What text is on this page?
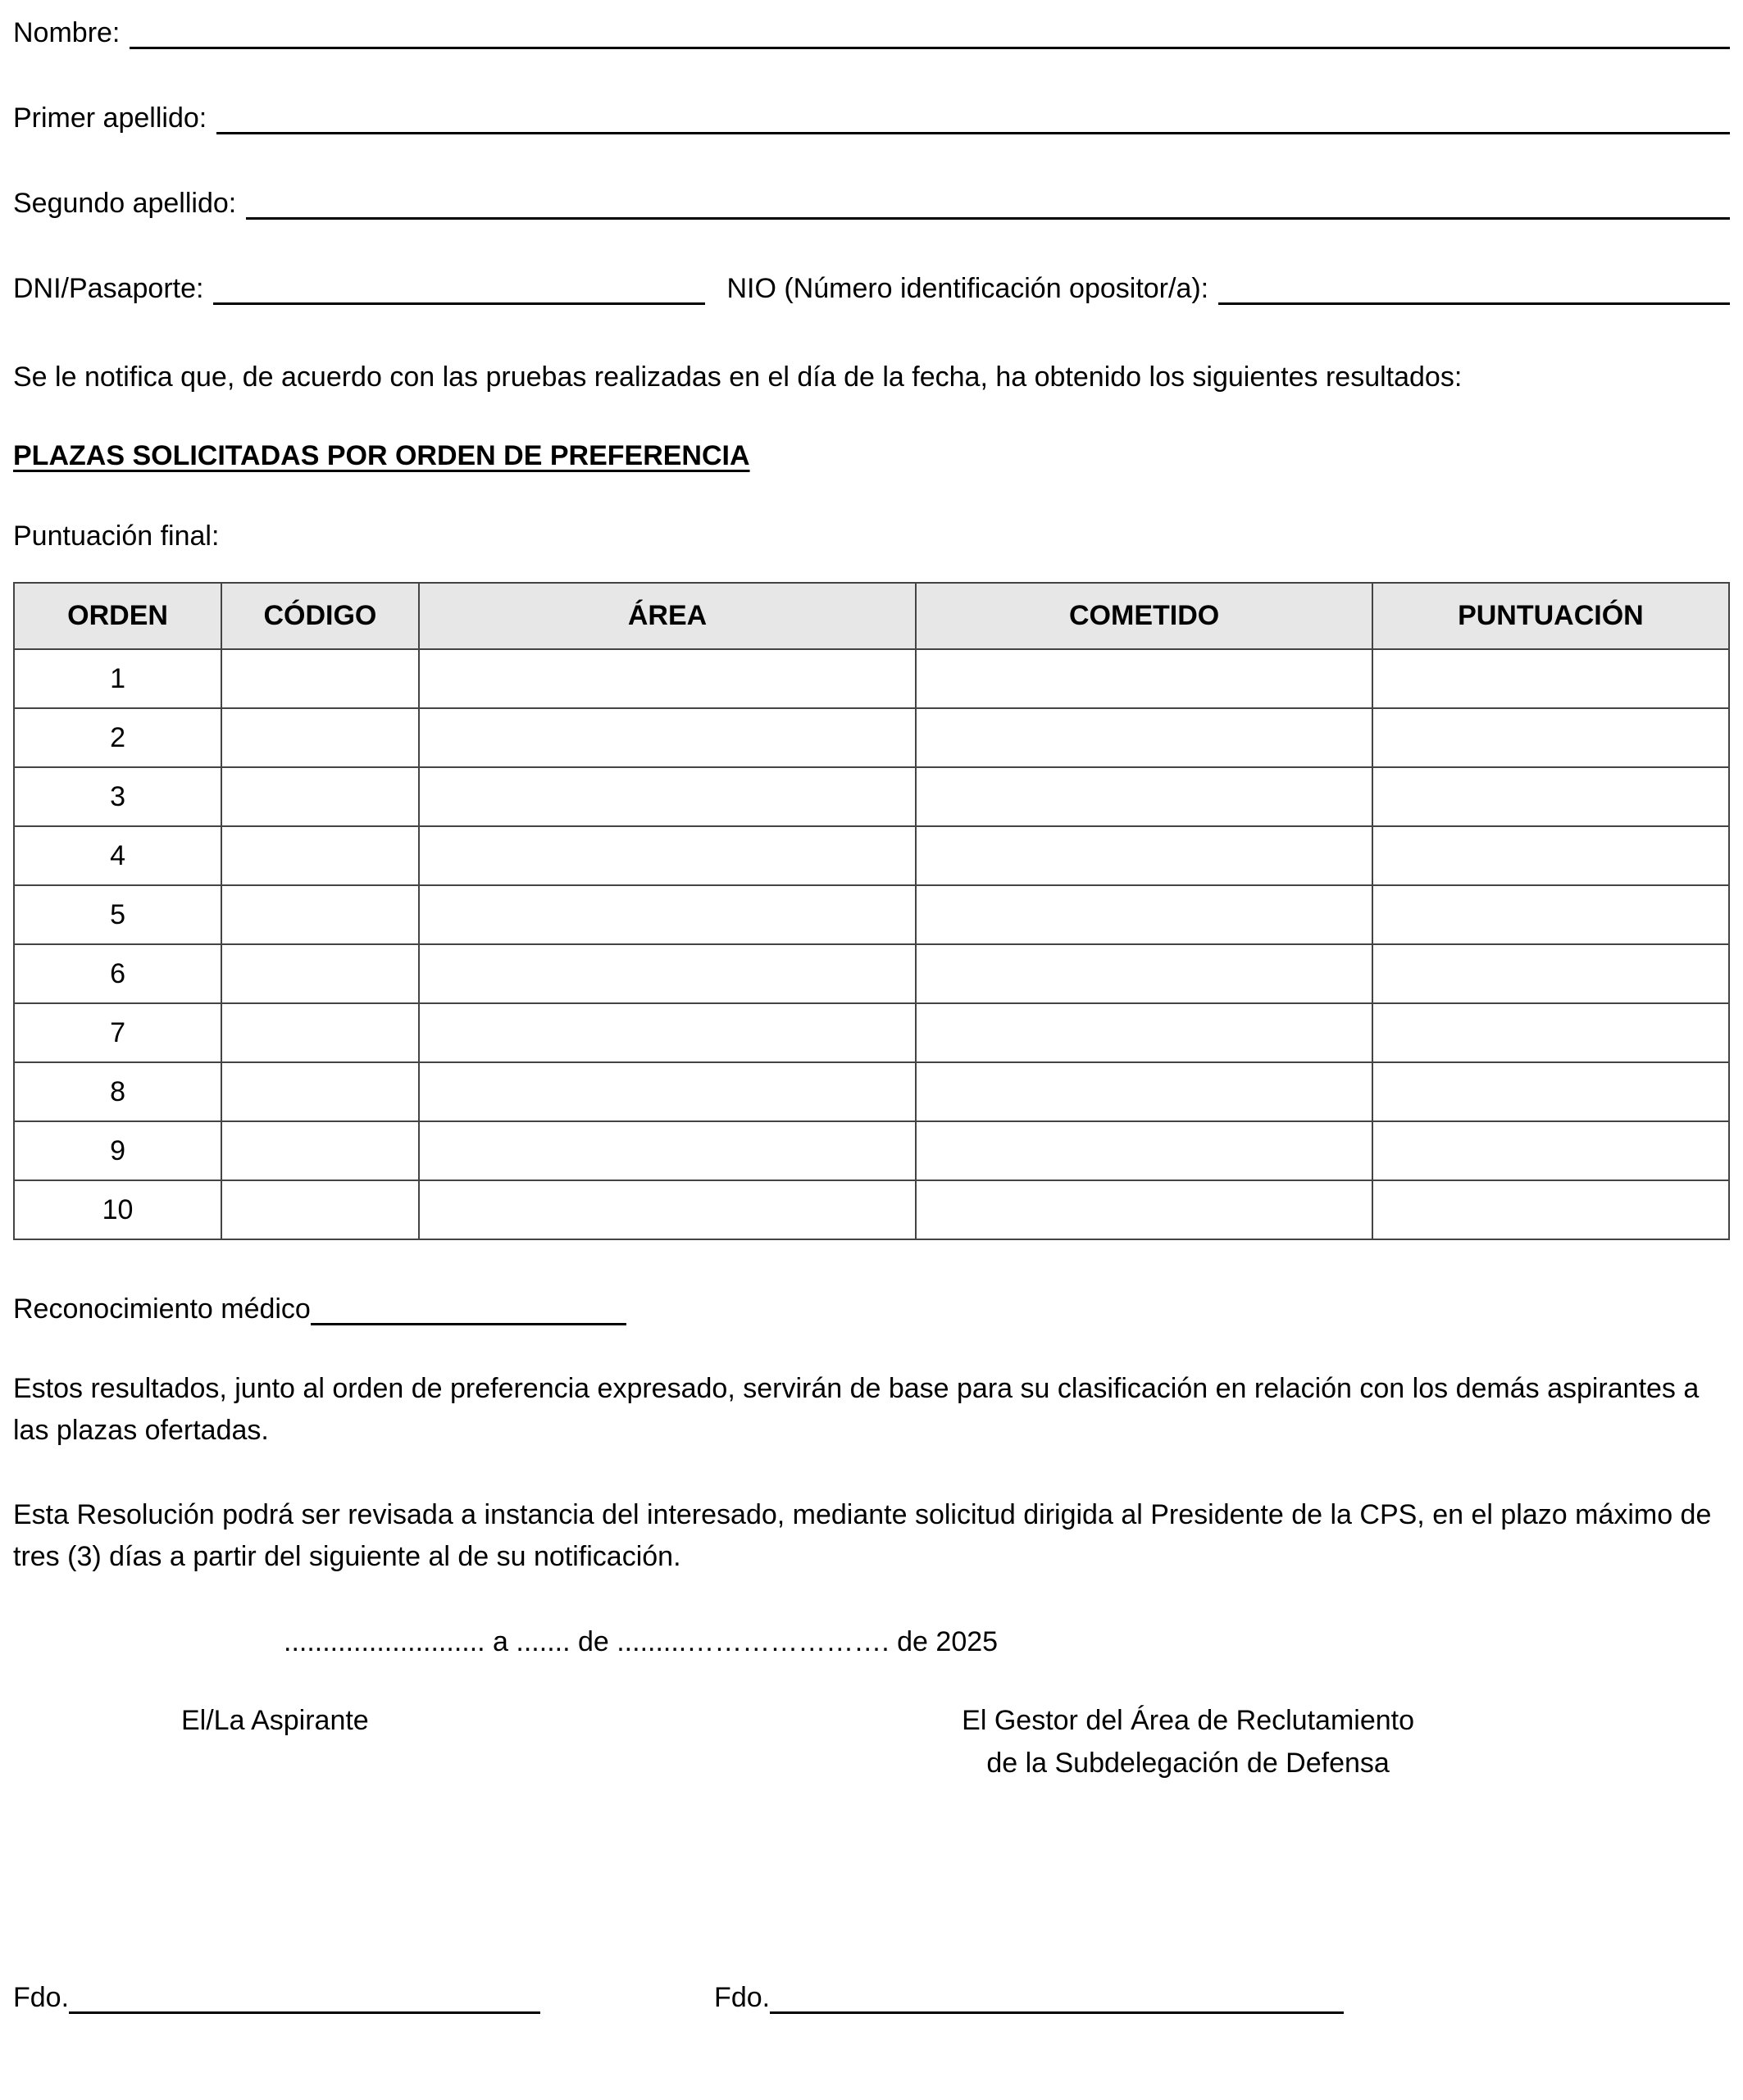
Nombre:
Primer apellido:
Segundo apellido:
DNI/Pasaporte:	NIO (Número identificación opositor/a):
Se le notifica que, de acuerdo con las pruebas realizadas en el día de la fecha, ha obtenido los siguientes resultados:
PLAZAS SOLICITADAS POR ORDEN DE PREFERENCIA
Puntuación final:
ORDEN	CÓDIGO	ÁREA	COMETIDO	PUNTUACIÓN
1				
2				
3				
4				
5				
6				
7				
8				
9				
10				
Reconocimiento médico
Estos resultados, junto al orden de preferencia expresado, servirán de base para su clasificación en relación con los demás aspirantes a las plazas ofertadas.
Esta Resolución podrá ser revisada a instancia del interesado, mediante solicitud dirigida al Presidente de la CPS, en el plazo máximo de tres (3) días a partir del siguiente al de su notificación.
.......................... a ....... de .........…………………. de 2025
El/La Aspirante	El Gestor del Área de Reclutamiento
de la Subdelegación de Defensa
Fdo.	Fdo.
